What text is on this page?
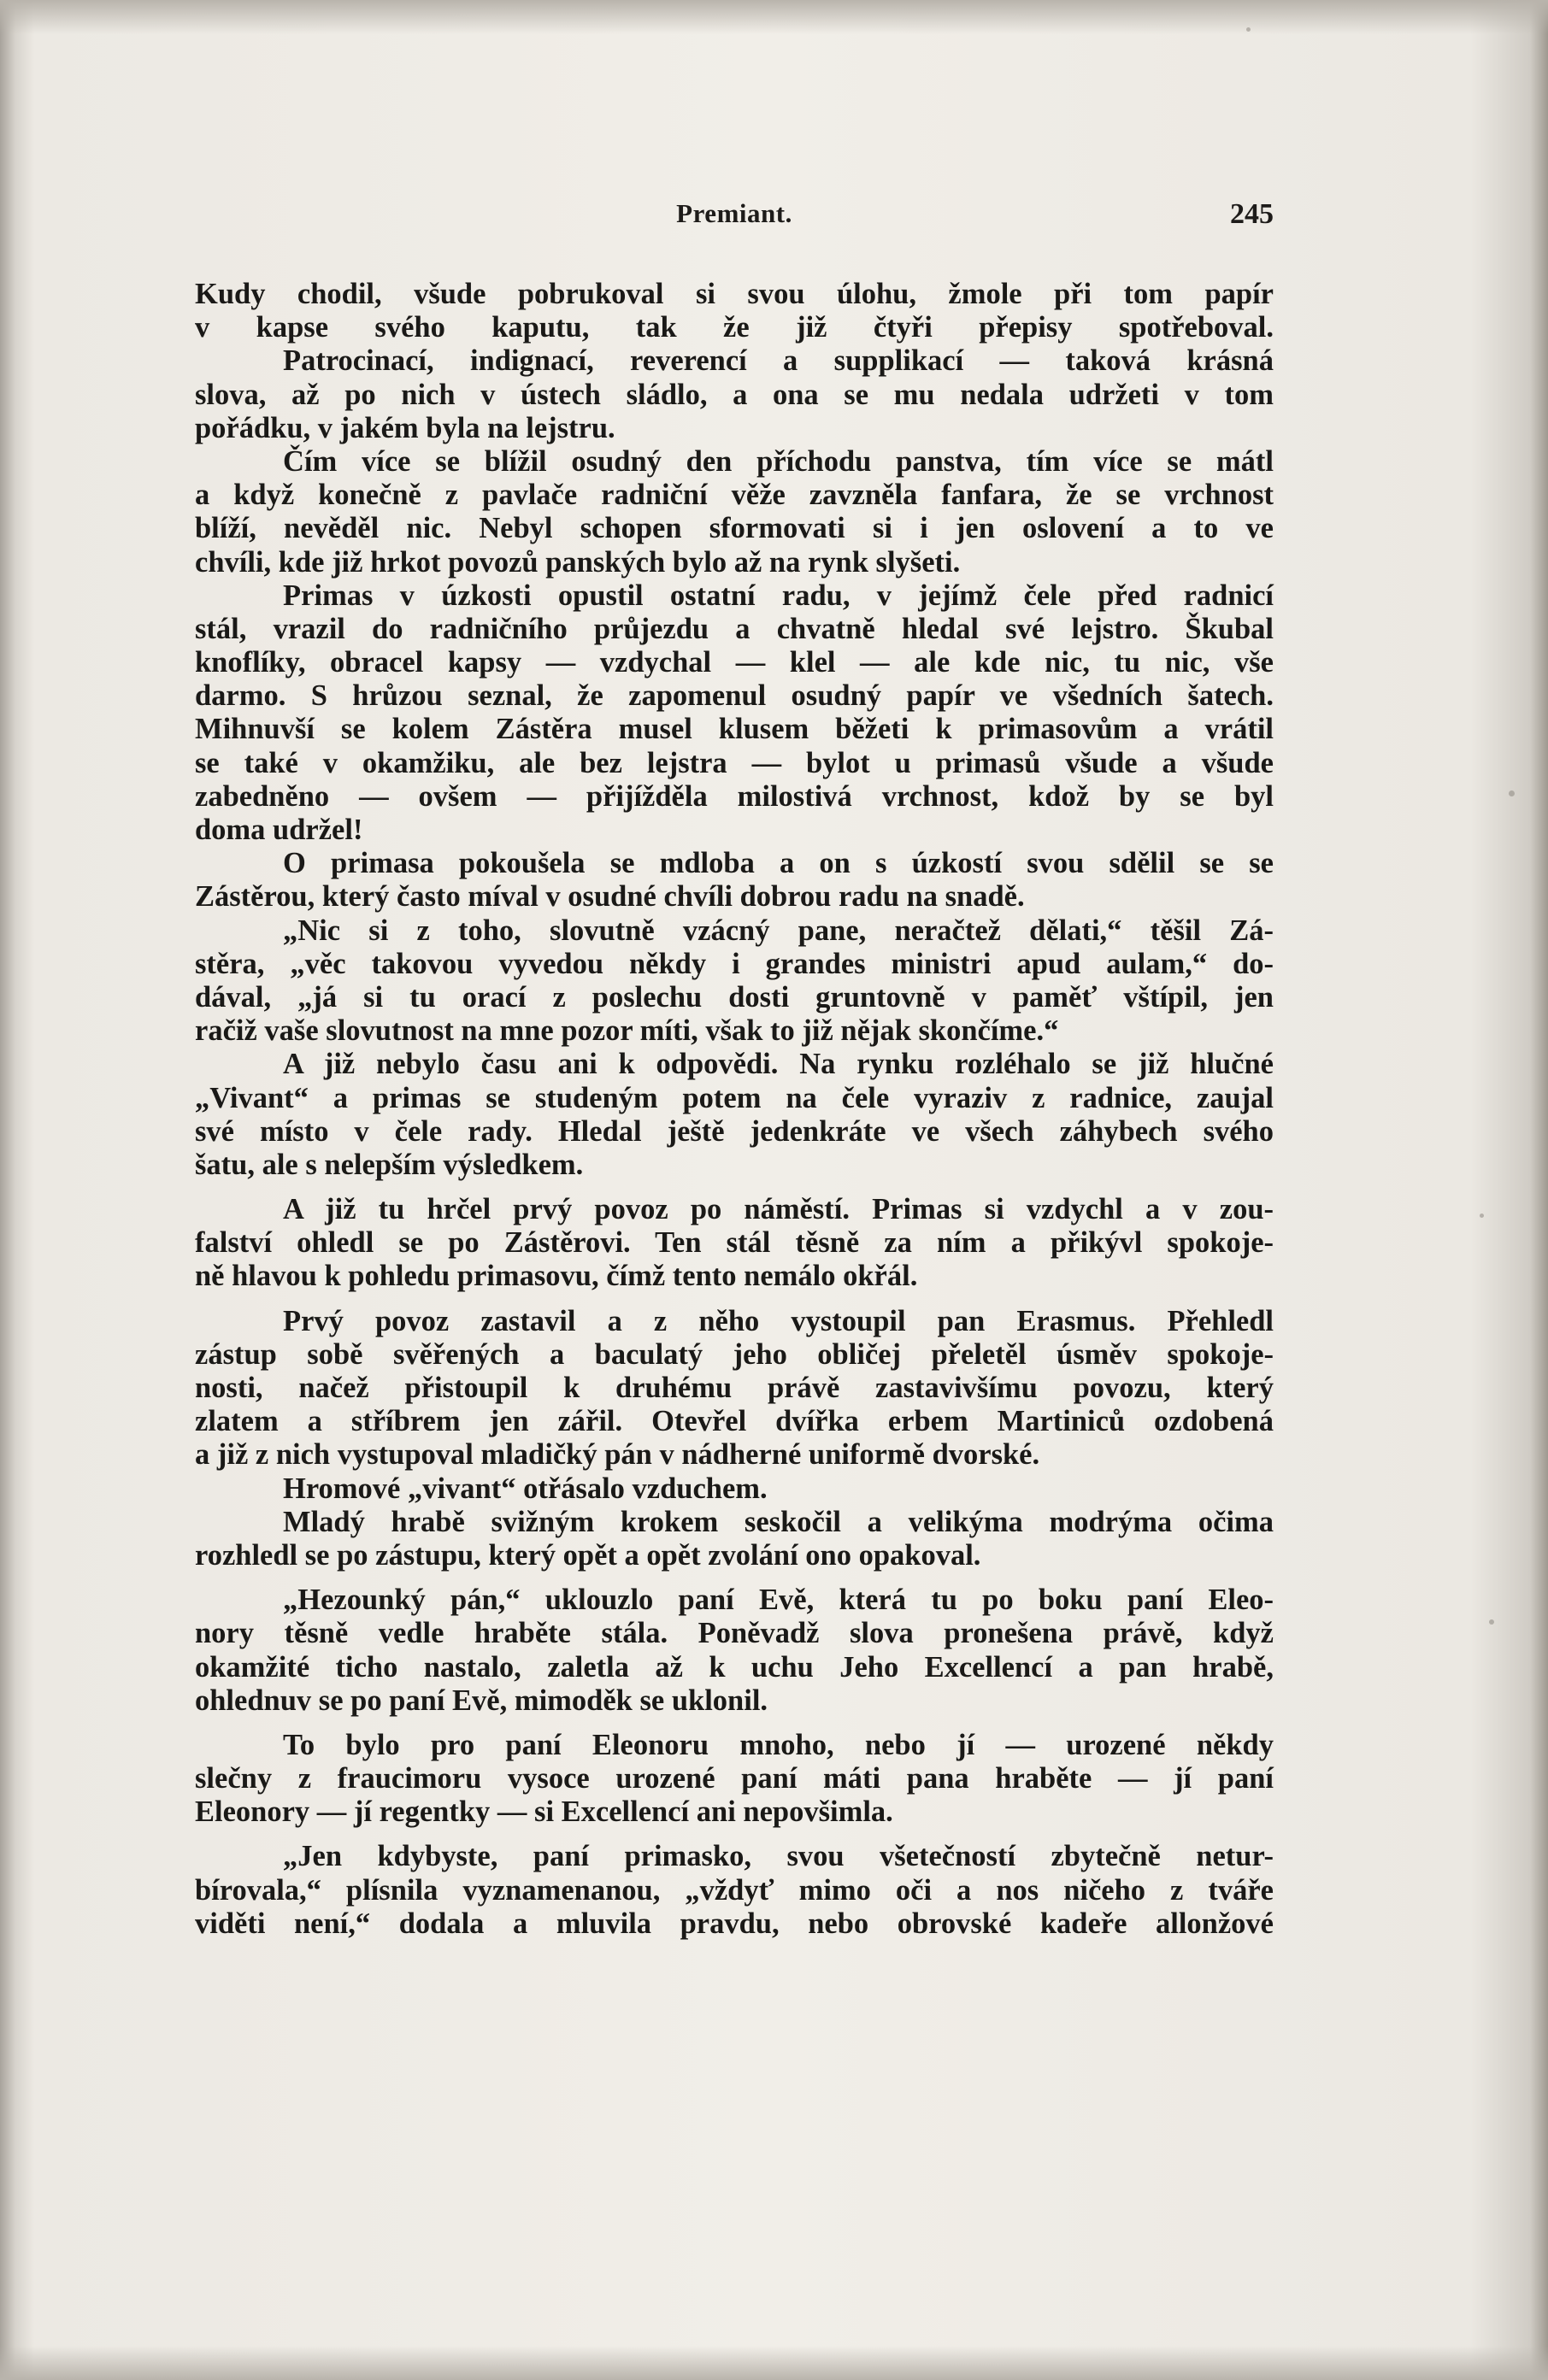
Premiant.	245
Kudy chodil, všude pobrukoval si svou úlohu, žmole při tom papír
v kapse svého kaputu, tak že již čtyři přepisy spotřeboval.
Patrocinací, indignací, reverencí a supplikací — taková krásná
slova, až po nich v ústech sládlo, a ona se mu nedala udržeti v tom
pořádku, v jakém byla na lejstru.
Čím více se blížil osudný den příchodu panstva, tím více se mátl
a když konečně z pavlače radniční věže zavzněla fanfara, že se vrchnost
blíží, nevěděl nic. Nebyl schopen sformovati si i jen oslovení a to ve
chvíli, kde již hrkot povozů panských bylo až na rynk slyšeti.
Primas v úzkosti opustil ostatní radu, v jejímž čele před radnicí
stál, vrazil do radničního průjezdu a chvatně hledal své lejstro. Škubal
knoflíky, obracel kapsy — vzdychal — klel — ale kde nic, tu nic, vše
darmo. S hrůzou seznal, že zapomenul osudný papír ve všedních šatech.
Mihnuvší se kolem Zástěra musel klusem běžeti k primasovům a vrátil
se také v okamžiku, ale bez lejstra — bylot u primasů všude a všude
zabedněno — ovšem — přijížděla milostivá vrchnost, kdož by se byl
doma udržel!
O primasa pokoušela se mdloba a on s úzkostí svou sdělil se se
Zástěrou, který často míval v osudné chvíli dobrou radu na snadě.
„Nic si z toho, slovutně vzácný pane, neračtež dělati,“ těšil Zá-
stěra, „věc takovou vyvedou někdy i grandes ministri apud aulam,“ do-
dával, „já si tu orací z poslechu dosti gruntovně v paměť vštípil, jen
račiž vaše slovutnost na mne pozor míti, však to již nějak skončíme.“
A již nebylo času ani k odpovědi. Na rynku rozléhalo se již hlučné
„Vivant“ a primas se studeným potem na čele vyraziv z radnice, zaujal
své místo v čele rady. Hledal ještě jedenkráte ve všech záhybech svého
šatu, ale s nelepším výsledkem.
A již tu hrčel prvý povoz po náměstí. Primas si vzdychl a v zou-
falství ohledl se po Zástěrovi. Ten stál těsně za ním a přikývl spokoje-
ně hlavou k pohledu primasovu, čímž tento nemálo okřál.
Prvý povoz zastavil a z něho vystoupil pan Erasmus. Přehledl
zástup sobě svěřených a baculatý jeho obličej přeletěl úsměv spokoje-
nosti, načež přistoupil k druhému právě zastavivšímu povozu, který
zlatem a stříbrem jen zářil. Otevřel dvířka erbem Martiniců ozdobená
a již z nich vystupoval mladičký pán v nádherné uniformě dvorské.
Hromové „vivant“ otřásalo vzduchem.
Mladý hrabě svižným krokem seskočil a velikýma modrýma očima
rozhledl se po zástupu, který opět a opět zvolání ono opakoval.
„Hezounký pán,“ uklouzlo paní Evě, která tu po boku paní Eleo-
nory těsně vedle hraběte stála. Poněvadž slova pronešena právě, když
okamžité ticho nastalo, zaletla až k uchu Jeho Excellencí a pan hrabě,
ohlednuv se po paní Evě, mimoděk se uklonil.
To bylo pro paní Eleonoru mnoho, nebo jí — urozené někdy
slečny z fraucimoru vysoce urozené paní máti pana hraběte — jí paní
Eleonory — jí regentky — si Excellencí ani nepovšimla.
„Jen kdybyste, paní primasko, svou všetečností zbytečně netur-
bírovala,“ plísnila vyznamenanou, „vždyť mimo oči a nos ničeho z tváře
viděti není,“ dodala a mluvila pravdu, nebo obrovské kadeře allonžové
